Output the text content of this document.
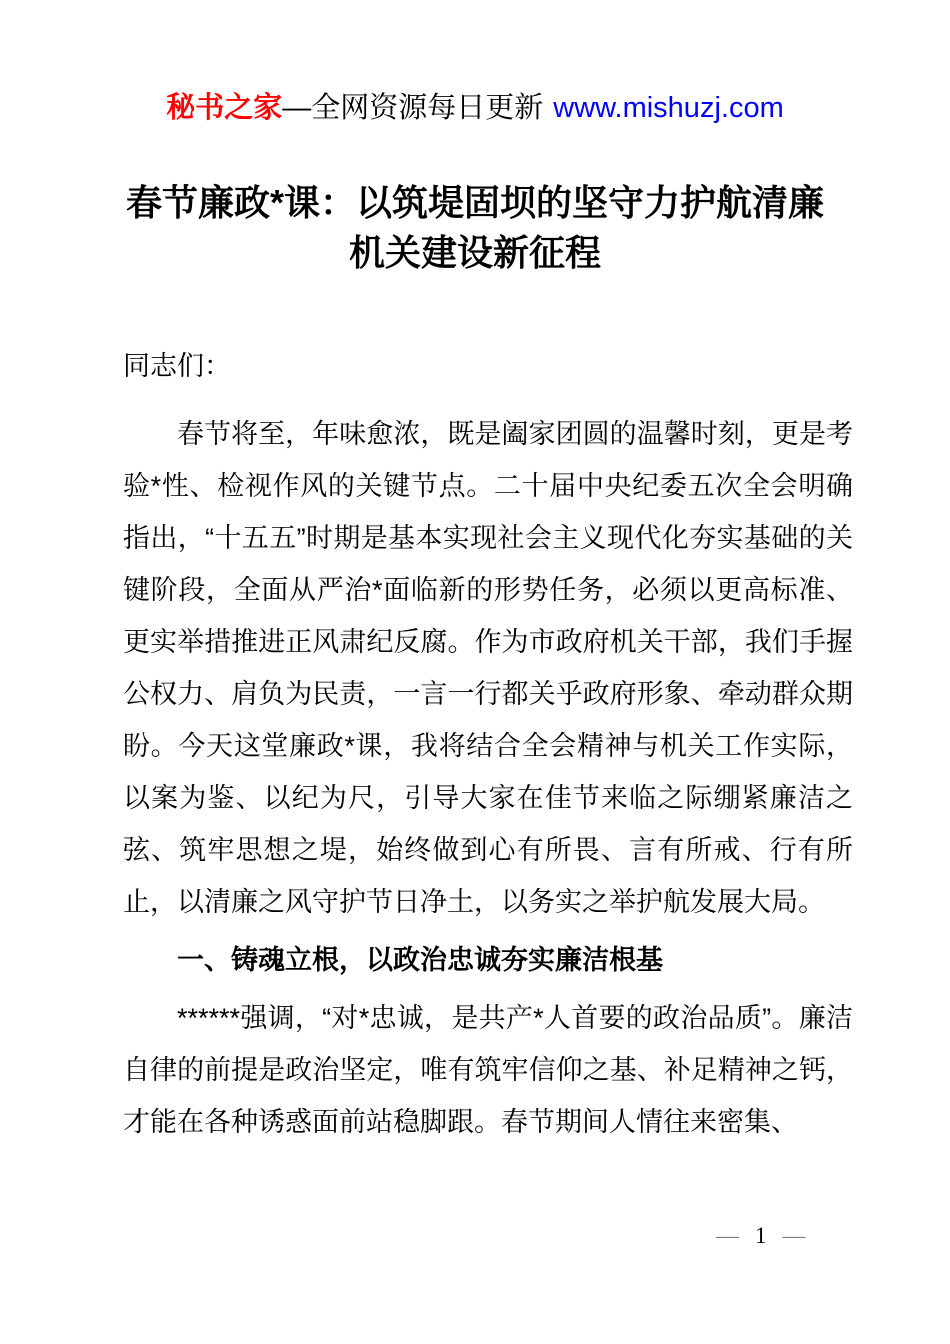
秘书之家—全网资源每日更新 www.mishuzj.com
春节廉政*课：以筑堤固坝的坚守力护航清廉
机关建设新征程

同志们：

春节将至，年味愈浓，既是阖家团圆的温馨时刻，更是考验*性、检视作风的关键节点。二十届中央纪委五次全会明确指出，“十五五”时期是基本实现社会主义现代化夯实基础的关键阶段，全面从严治*面临新的形势任务，必须以更高标准、更实举措推进正风肃纪反腐。作为市政府机关干部，我们手握公权力、肩负为民责，一言一行都关乎政府形象、牵动群众期盼。今天这堂廉政*课，我将结合全会精神与机关工作实际，以案为鉴、以纪为尺，引导大家在佳节来临之际绷紧廉洁之弦、筑牢思想之堤，始终做到心有所畏、言有所戒、行有所止，以清廉之风守护节日净土，以务实之举护航发展大局。

一、铸魂立根，以政治忠诚夯实廉洁根基

******强调，“对*忠诚，是共产*人首要的政治品质”。廉洁自律的前提是政治坚定，唯有筑牢信仰之基、补足精神之钙，才能在各种诱惑面前站稳脚跟。春节期间人情往来密集、

— 1 —
